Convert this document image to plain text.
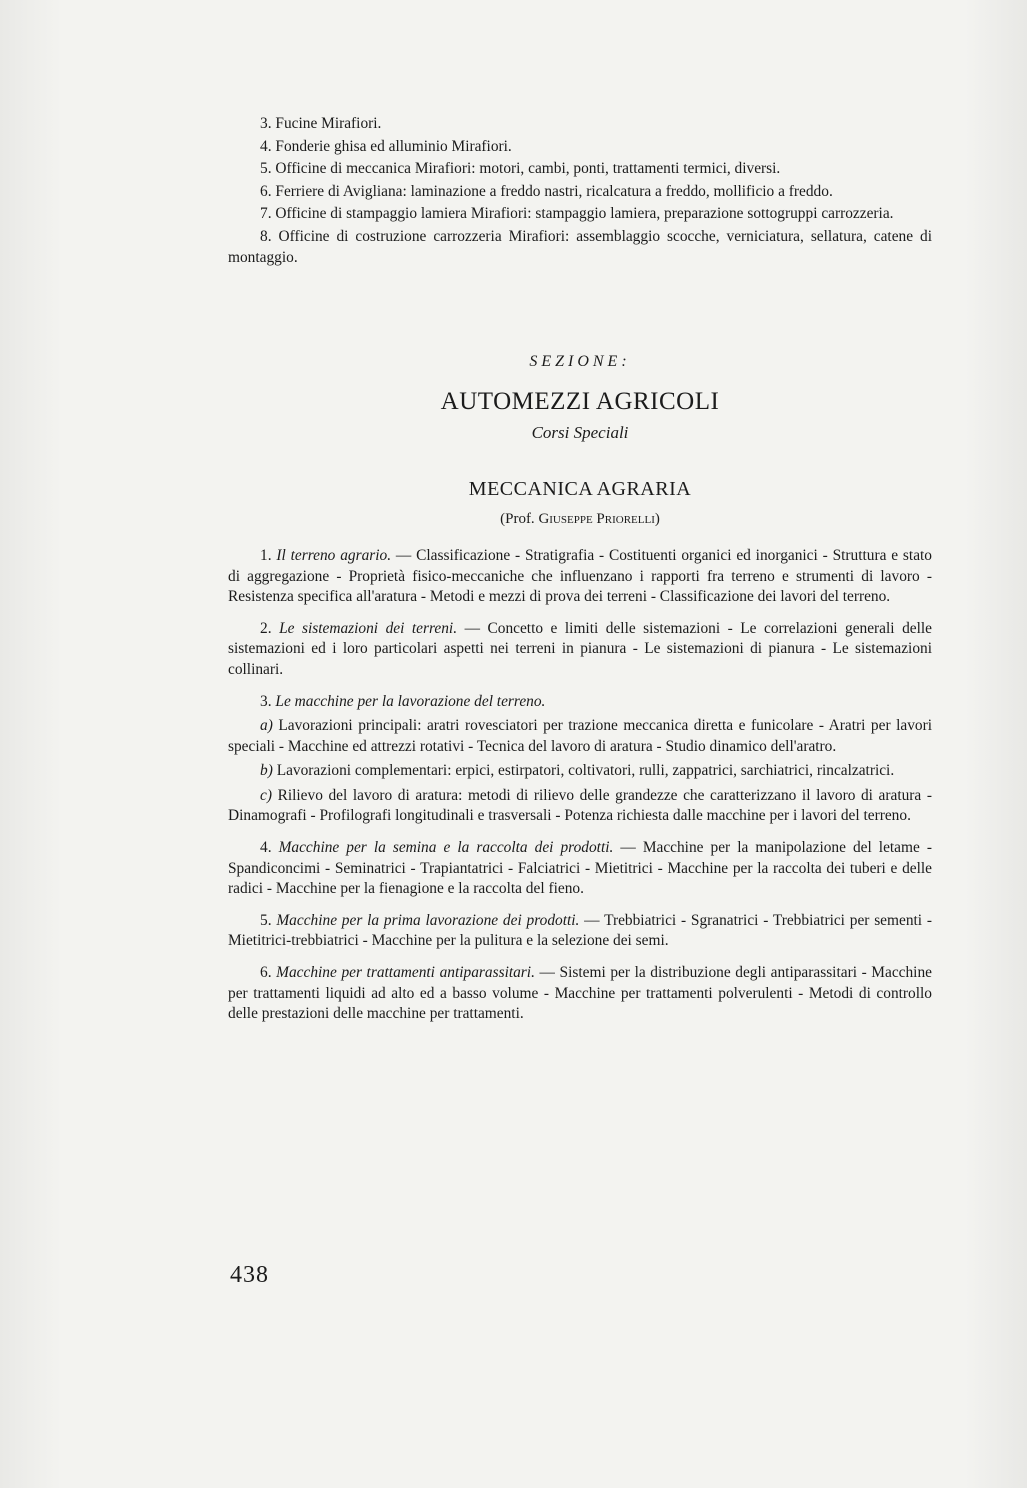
3. Fucine Mirafiori.

4. Fonderie ghisa ed alluminio Mirafiori.

5. Officine di meccanica Mirafiori: motori, cambi, ponti, trattamenti termici, diversi.

6. Ferriere di Avigliana: laminazione a freddo nastri, ricalcatura a freddo, mollificio a freddo.

7. Officine di stampaggio lamiera Mirafiori: stampaggio lamiera, preparazione sottogruppi carrozzeria.

8. Officine di costruzione carrozzeria Mirafiori: assemblaggio scocche, verniciatura, sellatura, catene di montaggio.

SEZIONE:
AUTOMEZZI AGRICOLI
Corsi Speciali
MECCANICA AGRARIA
(Prof. Giuseppe Priorelli)

1. Il terreno agrario. — Classificazione - Stratigrafia - Costituenti organici ed inorganici - Struttura e stato di aggregazione - Proprietà fisico-meccaniche che influenzano i rapporti fra terreno e strumenti di lavoro - Resistenza specifica all'aratura - Metodi e mezzi di prova dei terreni - Classificazione dei lavori del terreno.

2. Le sistemazioni dei terreni. — Concetto e limiti delle sistemazioni - Le correlazioni generali delle sistemazioni ed i loro particolari aspetti nei terreni in pianura - Le sistemazioni di pianura - Le sistemazioni collinari.

3. Le macchine per la lavorazione del terreno.

a) Lavorazioni principali: aratri rovesciatori per trazione meccanica diretta e funicolare - Aratri per lavori speciali - Macchine ed attrezzi rotativi - Tecnica del lavoro di aratura - Studio dinamico dell'aratro.

b) Lavorazioni complementari: erpici, estirpatori, coltivatori, rulli, zappatrici, sarchiatrici, rincalzatrici.

c) Rilievo del lavoro di aratura: metodi di rilievo delle grandezze che caratterizzano il lavoro di aratura - Dinamografi - Profilografi longitudinali e trasversali - Potenza richiesta dalle macchine per i lavori del terreno.

4. Macchine per la semina e la raccolta dei prodotti. — Macchine per la manipolazione del letame - Spandiconcimi - Seminatrici - Trapiantatrici - Falciatrici - Mietitrici - Macchine per la raccolta dei tuberi e delle radici - Macchine per la fienagione e la raccolta del fieno.

5. Macchine per la prima lavorazione dei prodotti. — Trebbiatrici - Sgranatrici - Trebbiatrici per sementi - Mietitrici-trebbiatrici - Macchine per la pulitura e la selezione dei semi.

6. Macchine per trattamenti antiparassitari. — Sistemi per la distribuzione degli antiparassitari - Macchine per trattamenti liquidi ad alto ed a basso volume - Macchine per trattamenti polverulenti - Metodi di controllo delle prestazioni delle macchine per trattamenti.

438
